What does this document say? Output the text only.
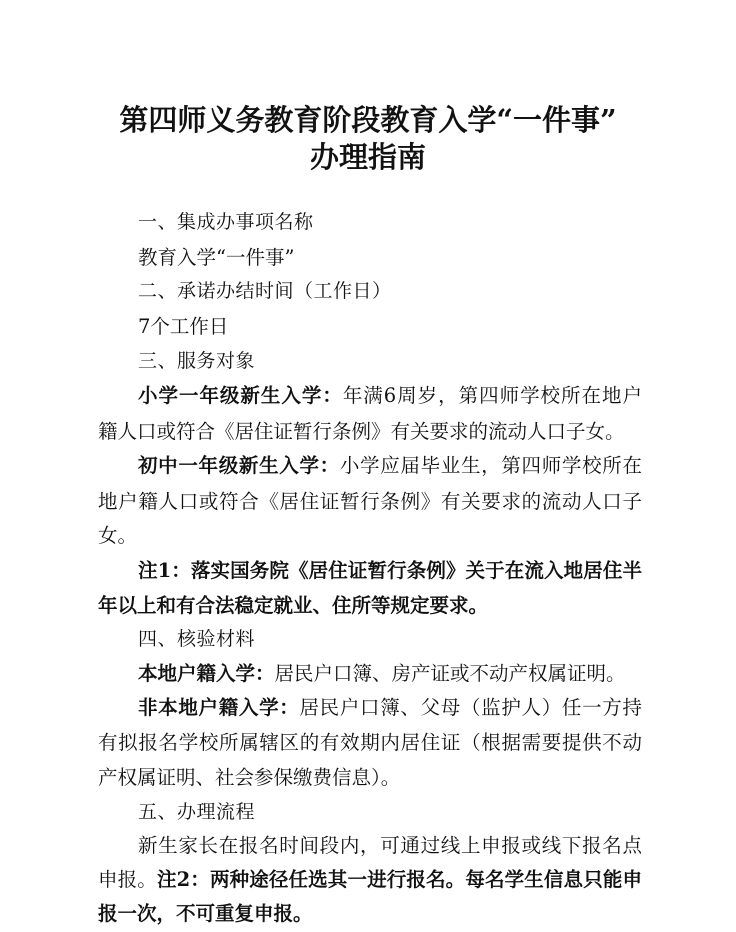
第四师义务教育阶段教育入学“一件事”
办理指南
一、集成办事项名称
教育入学“一件事”
二、承诺办结时间（工作日）
7个工作日
三、服务对象
小学一年级新生入学：年满6周岁，第四师学校所在地户
籍人口或符合《居住证暂行条例》有关要求的流动人口子女。
初中一年级新生入学：小学应届毕业生，第四师学校所在
地户籍人口或符合《居住证暂行条例》有关要求的流动人口子
女。
注1：落实国务院《居住证暂行条例》关于在流入地居住半
年以上和有合法稳定就业、住所等规定要求。
四、核验材料
本地户籍入学：居民户口簿、房产证或不动产权属证明。
非本地户籍入学：居民户口簿、父母（监护人）任一方持
有拟报名学校所属辖区的有效期内居住证（根据需要提供不动
产权属证明、社会参保缴费信息）。
五、办理流程
新生家长在报名时间段内，可通过线上申报或线下报名点
申报。注2：两种途径任选其一进行报名。每名学生信息只能申
报一次，不可重复申报。
